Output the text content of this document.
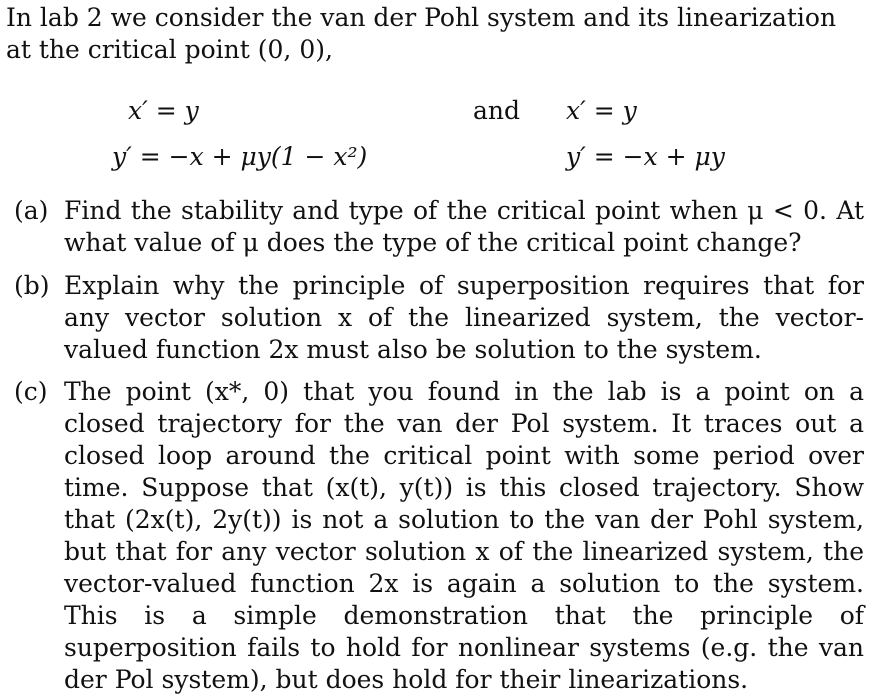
In lab 2 we consider the van der Pohl system and its linearization at the critical point (0, 0),

x′ = y
y′ = −x + μy(1 − x²)
and x′ = y
y′ = −x + μy
(a) Find the stability and type of the critical point when μ < 0. At what value of μ does the type of the critical point change?

(b) Explain why the principle of superposition requires that for any vector solution x of the linearized system, the vector-valued function 2x must also be solution to the system.

(c) The point (x*, 0) that you found in the lab is a point on a closed trajectory for the van der Pol system. It traces out a closed loop around the critical point with some period over time. Suppose that (x(t), y(t)) is this closed trajectory. Show that (2x(t), 2y(t)) is not a solution to the van der Pohl system, but that for any vector solution x of the linearized system, the vector-valued function 2x is again a solution to the system. This is a simple demonstration that the principle of superposition fails to hold for nonlinear systems (e.g. the van der Pol system), but does hold for their linearizations.
